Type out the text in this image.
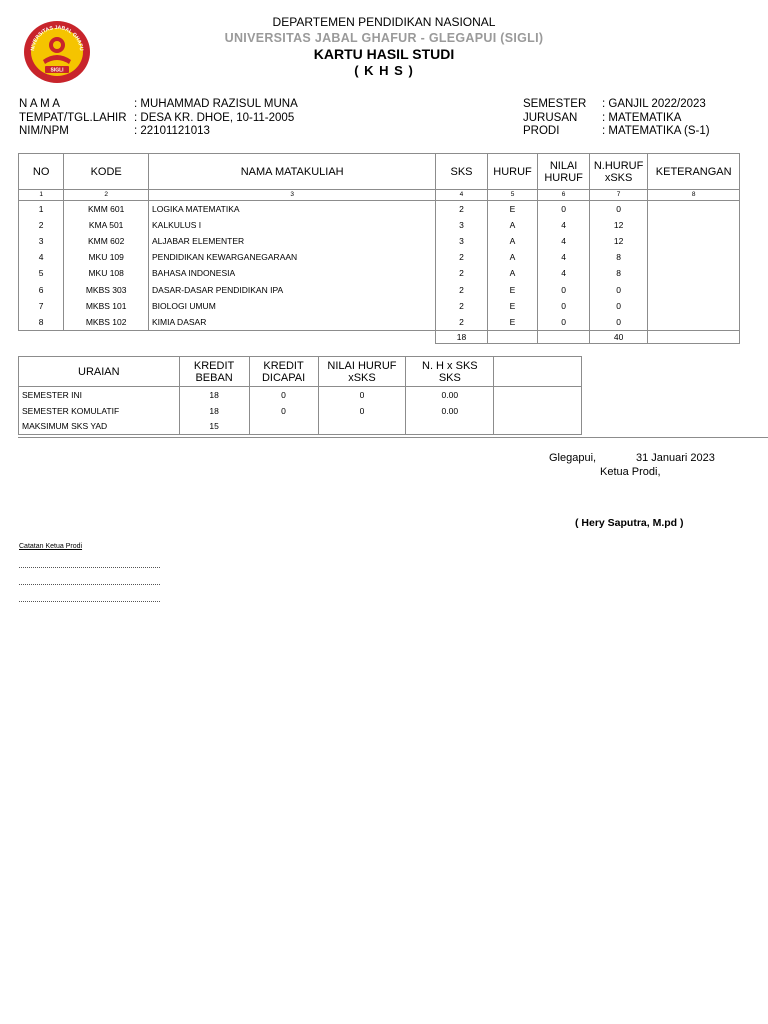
NIVERSITAS JABAL GHAFU
SIGLI
DEPARTEMEN PENDIDIKAN NASIONAL
UNIVERSITAS JABAL GHAFUR - GLEGAPUI (SIGLI)
KARTU HASIL STUDI
( K H S )
N A M A	: MUHAMMAD RAZISUL MUNA
TEMPAT/TGL.LAHIR : DESA KR. DHOE, 10-11-2005
NIM/NPM	: 22101121013
SEMESTER : GANJIL 2022/2023
JURUSAN : MATEMATIKA
PRODI	: MATEMATIKA (S-1)
NO	KODE	NAMA MATAKULIAH	SKS	HURUF	NILAI HURUF	N.HURUF xSKS	KETERANGAN
1	2	3	4	5	6	7	8
1	KMM 601	LOGIKA MATEMATIKA	2	E	0	0	
2	KMA 501	KALKULUS I	3	A	4	12	
3	KMM 602	ALJABAR ELEMENTER	3	A	4	12	
4	MKU 109	PENDIDIKAN KEWARGANEGARAAN	2	A	4	8	
5	MKU 108	BAHASA INDONESIA	2	A	4	8	
6	MKBS 303	DASAR-DASAR PENDIDIKAN IPA	2	E	0	0	
7	MKBS 101	BIOLOGI UMUM	2	E	0	0	
8	MKBS 102	KIMIA DASAR	2	E	0	0	
			18			40	
URAIAN	KREDIT BEBAN	KREDIT DICAPAI	NILAI HURUF xSKS	N. H x SKS SKS	
SEMESTER INI	18	0	0	0.00	
SEMESTER KOMULATIF	18	0	0	0.00	
MAKSIMUM SKS YAD	15				
Glegapui,	31 Januari 2023
Ketua Prodi,
( Hery Saputra, M.pd )
Catatan Ketua Prodi
